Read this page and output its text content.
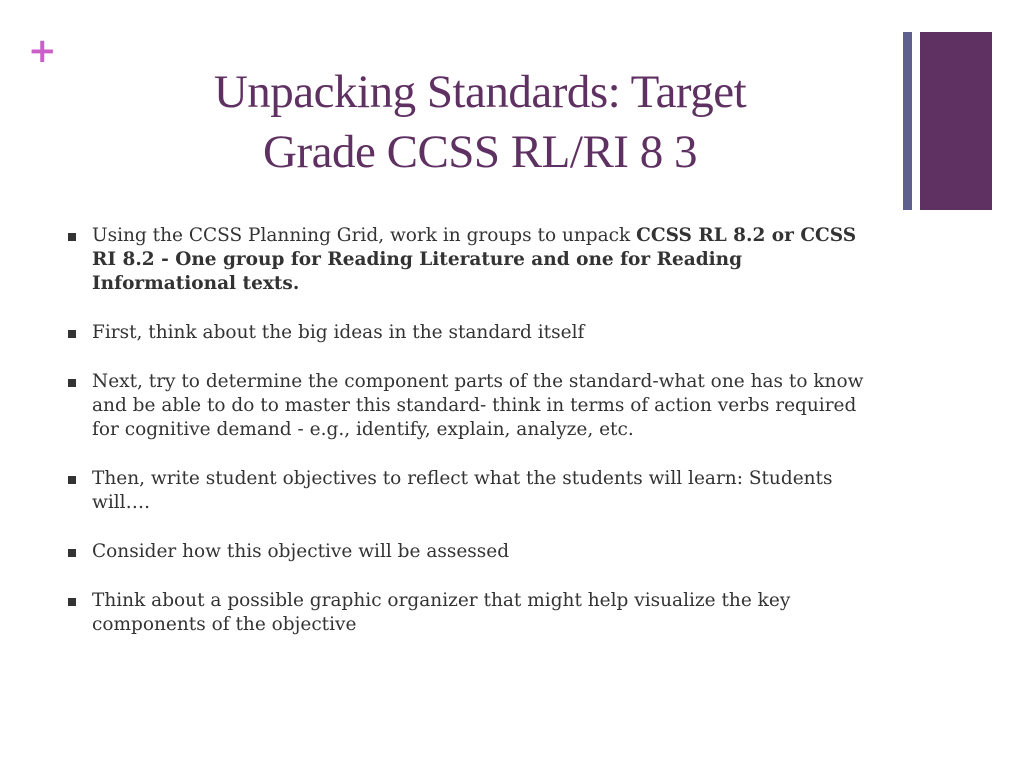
+
Unpacking Standards: Target
Grade CCSS RL/RI 8 3
Using the CCSS Planning Grid, work in groups to unpack CCSS RL 8.2 or CCSS RI 8.2 - One group for Reading Literature and one for Reading Informational texts.
First, think about the big ideas in the standard itself
Next, try to determine the component parts of the standard-what one has to know and be able to do to master this standard- think in terms of action verbs required for cognitive demand - e.g., identify, explain, analyze, etc.
Then, write student objectives to reflect what the students will learn: Students will….
Consider how this objective will be assessed
Think about a possible graphic organizer that might help visualize the key components of the objective
